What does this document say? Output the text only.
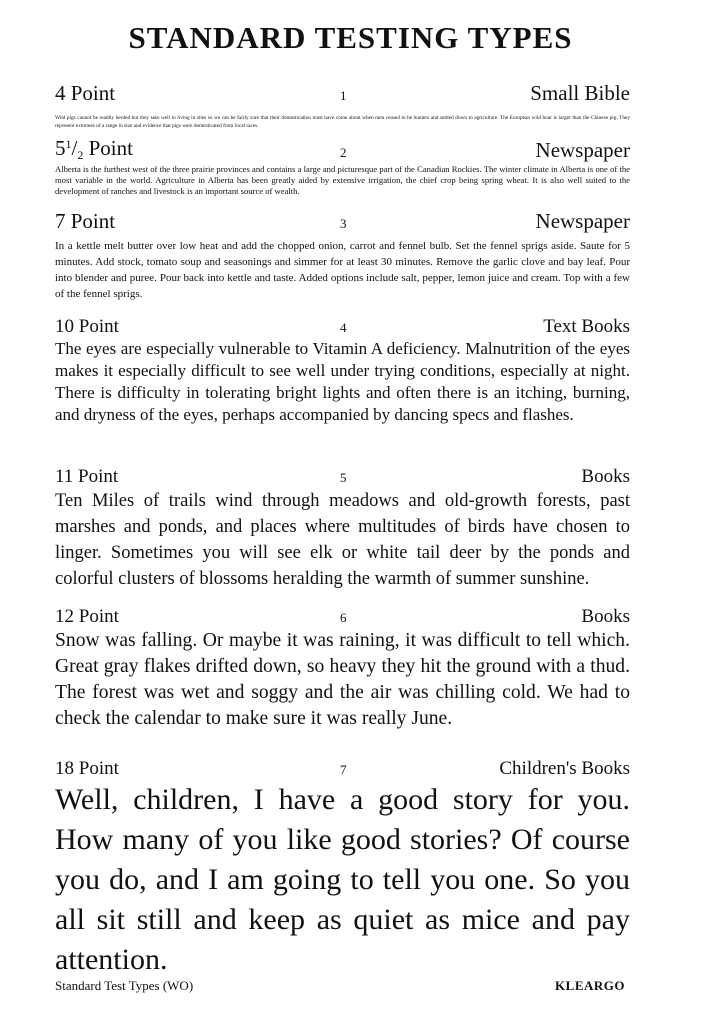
STANDARD TESTING TYPES
4 Point	1	Small Bible

Wild pigs cannot be readily herded but they take well to living in sties so we can be fairly sure that their domestication must have come about when men ceased to be hunters and settled down to agriculture. The European wild boar is larger than the Chinese pig. They represent extremes of a range in size and evidence that pigs were domesticated from local races.

$5^1/2$ Point	2	Newspaper

Alberta is the furthest west of the three prairie provinces and contains a large and picturesque part of the Canadian Rockies. The winter climate in Alberta is one of the most variable in the world. Agriculture in Alberta has been greatly aided by extensive irrigation, the chief crop being spring wheat. It is also well suited to the development of ranches and livestock is an important source of wealth.

7 Point	3	Newspaper

In a kettle melt butter over low heat and add the chopped onion, carrot and fennel bulb. Set the fennel sprigs aside. Saute for 5 minutes. Add stock, tomato soup and seasonings and simmer for at least 30 minutes. Remove the garlic clove and bay leaf. Pour into blender and puree. Pour back into kettle and taste. Added options include salt, pepper, lemon juice and cream. Top with a few of the fennel sprigs.

10 Point	4	Text Books

The eyes are especially vulnerable to Vitamin A deficiency. Malnutrition of the eyes makes it especially difficult to see well under trying conditions, especially at night. There is difficulty in tolerating bright lights and often there is an itching, burning, and dryness of the eyes, perhaps accompanied by dancing specs and flashes.

11 Point	5	Books

Ten Miles of trails wind through meadows and old-growth forests, past marshes and ponds, and places where multitudes of birds have chosen to linger. Sometimes you will see elk or white tail deer by the ponds and colorful clusters of blossoms heralding the warmth of summer sunshine.

12 Point	6	Books

Snow was falling. Or maybe it was raining, it was difficult to tell which. Great gray flakes drifted down, so heavy they hit the ground with a thud. The forest was wet and soggy and the air was chilling cold. We had to check the calendar to make sure it was really June.

18 Point	7	Children's Books

Well, children, I have a good story for you. How many of you like good stories? Of course you do, and I am going to tell you one. So you all sit still and keep as quiet as mice and pay attention.

Standard Test Types (WO)	KLEARGO
